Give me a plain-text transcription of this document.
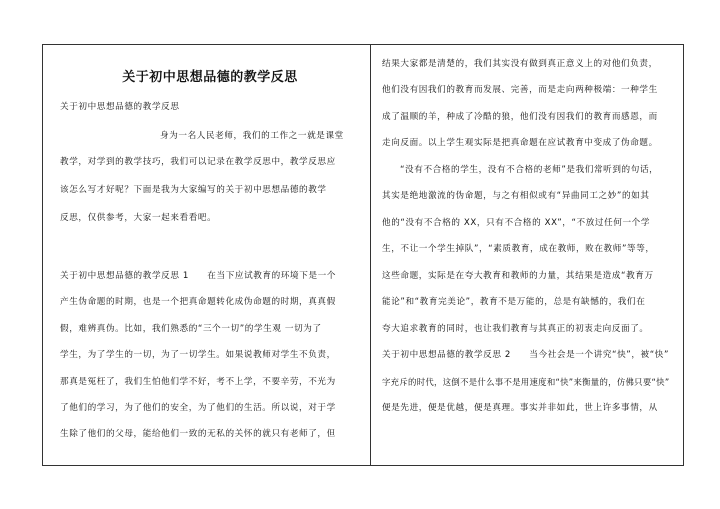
关于初中思想品德的教学反思
关于初中思想品德的教学反思
身为一名人民老师，我们的工作之一就是课堂
教学，对学到的教学技巧，我们可以记录在教学反思中，教学反思应
该怎么写才好呢？下面是我为大家编写的关于初中思想品德的教学
反思，仅供参考，大家一起来看看吧。
关于初中思想品德的教学反思 1　　在当下应试教育的环境下是一个
产生伪命题的时期，也是一个把真命题转化成伪命题的时期，真真假
假，难辨真伪。比如，我们熟悉的“三个一切”的学生观 一切为了
学生，为了学生的一切，为了一切学生。如果说教师对学生不负责，
那真是冤枉了，我们生怕他们学不好，考不上学，不要辛劳，不光为
了他们的学习，为了他们的安全，为了他们的生活。所以说，对于学
生除了他们的父母，能给他们一致的无私的关怀的就只有老师了，但
结果大家都是清楚的，我们其实没有做到真正意义上的对他们负责，
他们没有因我们的教育而发展、完善，而是走向两种极端：一种学生
成了温顺的羊，种成了冷酷的狼，他们没有因我们的教育而感恩，而
走向反面。以上学生观实际是把真命题在应试教育中变成了伪命题。
“没有不合格的学生，没有不合格的老师”是我们常听到的句话，
其实是绝地激流的伪命题，与之有相似或有“异曲同工之妙”的如其
他的“没有不合格的 XX，只有不合格的 XX”，“不放过任何一个学
生，不让一个学生掉队”，“素质教育，成在教师，败在教师”等等，
这些命题，实际是在夸大教育和教师的力量，其结果是造成“教育万
能论”和“教育完美论”，教育不是万能的，总是有缺憾的，我们在
夸大追求教育的同时，也让我们教育与其真正的初衷走向反面了。
关于初中思想品德的教学反思 2　　当今社会是一个讲究“快”，被“快”
字充斥的时代，这倒不是什么事不是用速度和“快”来衡量的，仿佛只要“快”
便是先进，便是优越，便是真理。事实并非如此，世上许多事情，从
